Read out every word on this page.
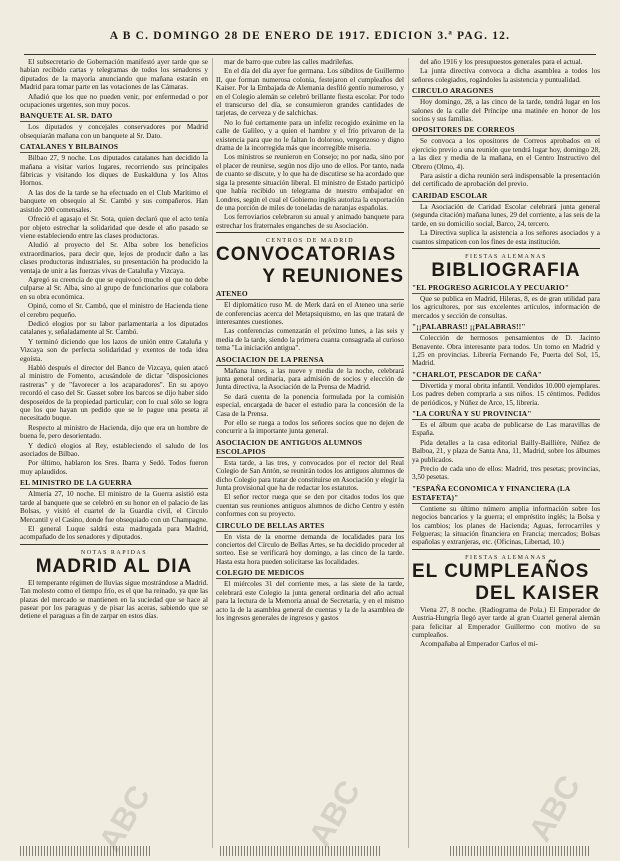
A B C. DOMINGO 28 DE ENERO DE 1917. EDICION 3.ª PAG. 12.

El subsecretario de Gobernación manifestó ayer tarde que se habían recibido cartas y telegramas de todos los senadores y diputados de la mayoría anunciando que mañana estarán en Madrid para tomar parte en las votaciones de las Cámaras.

Añadió que los que no pueden venir, por enfermedad o por ocupaciones urgentes, son muy pocos.

BANQUETE AL SR. DATO

Los diputados y concejales conservadores por Madrid obsequiarán mañana con un banquete al Sr. Dato.

CATALANES Y BILBAINOS

Bilbao 27, 9 noche. Los diputados catalanes han decidido la mañana a visitar varios lugares, recorriendo sus principales fábricas y visitando los diques de Euskalduna y los Altos Hornos.

A las dos de la tarde se ha efectuado en el Club Marítimo el banquete en obsequio al Sr. Cambó y sus compañeros. Han asistido 200 comensales.

Ofreció el agasajo el Sr. Sota, quien declaró que el acto tenía por objeto estrechar la solidaridad que desde el año pasado se viene estableciendo entre las clases productoras.

Aludió al proyecto del Sr. Alba sobre los beneficios extraordinarios, para decir que, lejos de producir daño a las clases productoras industriales, su presentación ha producido la ventaja de unir a las fuerzas vivas de Cataluña y Vizcaya.

Agregó su creencia de que se equivocó mucho el que no debe culparse al Sr. Alba, sino al grupo de funcionarios que colabora en su obra económica.

Opinó, como el Sr. Cambó, que el ministro de Hacienda tiene el cerebro pequeño.

Dedicó elogios por su labor parlamentaria a los diputados catalanes y, señaladamente al Sr. Cambó.

Y terminó diciendo que los lazos de unión entre Cataluña y Vizcaya son de perfecta solidaridad y exentos de toda idea egoísta.

Habló después el director del Banco de Vizcaya, quien atacó al ministro de Fomento, acusándole de dictar "disposiciones rastreras" y de "favorecer a los acaparadores". En su apoyo recordó el caso del Sr. Gasset sobre los barcos se dijo haber sido desposeídos de la propiedad particular; con lo cual sólo se logra que los que hayan un pedido que se le pague una peseta al necesitado buque.

Respecto al ministro de Hacienda, dijo que era un hombre de buena fe, pero desorientado.

Y dedicó elogios al Rey, estableciendo el saludo de los asociados de Bilbao.

Por último, hablaron los Sres. Ibarra y Sedó. Todos fueron muy aplaudidos.

EL MINISTRO DE LA GUERRA

Almería 27, 10 noche. El ministro de la Guerra asistió esta tarde al banquete que se celebró en su honor en el palacio de las Bolsas, y visitó el cuartel de la Guardia civil, el Círculo Mercantil y el Casino, donde fue obsequiado con un Champagne.

El general Luque saldrá esta madrugada para Madrid, acompañado de los senadores y diputados.

NOTAS RAPIDAS
MADRID AL DIA

El temperante régimen de lluvias sigue mostrándose a Madrid. Tan molesto como el tiempo frío, es el que ha reinado, ya que las plazas del mercado se mantienen en la suciedad que se hace al pasear por los paraguas y de pisar las aceras, sabiendo que se detiene el paraguas a fin de zarpar en estos días.

mar de barro que cubre las calles madrileñas.

En el día del día ayer fue germana. Los súbditos de Guillermo II, que forman numerosa colonia, festejaron el cumpleaños del Kaiser. Por la Embajada de Alemania desfiló gentío numeroso, y en el Colegio alemán se celebró brillante fiesta escolar. Por todo el transcurso del día, se consumieron grandes cantidades de tarjetas, de cerveza y de salchichas.

No lo fué certamente para un infeliz recogido exánime en la calle de Galileo, y a quien el hambre y el frío privaron de la existencia para que no le faltan lo doloroso, vergonzoso y digno drama de la incorregida más que incorregible miseria.

Los ministros se reunieron en Consejo; no por nada, sino por el placer de reunirse, según nos dijo uno de ellos. Por tanto, nada de cuanto se discute, y lo que ha de discutirse se ha acordado que siga la presente situación liberal. El ministro de Estado participó que había recibido un telegrama de nuestro embajador en Londres, según el cual el Gobierno inglés autoriza la exportación de una porción de miles de toneladas de naranjas españolas.

Los ferroviarios celebraron su anual y animado banquete para estrechar los fraternales enganches de su Asociación.

CENTROS DE MADRID
CONVOCATORIAS
Y REUNIONES
ATENEO

El diplomático ruso M. de Merk dará en el Ateneo una serie de conferencias acerca del Metapsiquismo, en las que tratará de interesantes cuestiones.

Las conferencias comenzarán el próximo lunes, a las seis y media de la tarde, siendo la primera cuanta consagrada al curioso tema "La iniciación antigua".

ASOCIACION DE LA PRENSA

Mañana lunes, a las nueve y media de la noche, celebrará junta general ordinaria, para admisión de socios y elección de Junta directiva, la Asociación de la Prensa de Madrid.

Se dará cuenta de la ponencia formulada por la comisión especial, encargada de hacer el estudio para la concesión de la Casa de la Prensa.

Por ello se ruega a todos los señores socios que no dejen de concurrir a la importante junta general.

ASOCIACION DE ANTIGUOS ALUMNOS ESCOLAPIOS

Esta tarde, a las tres, y convocados por el rector del Real Colegio de San Antón, se reunirán todos los antiguos alumnos de dicho Colegio para tratar de constituirse en Asociación y elegir la Junta provisional que ha de redactar los estatutos.

El señor rector ruega que se den por citados todos los que cuentan sus reuniones antiguos alumnos de dicho Centro y estén conformes con su proyecto.

CIRCULO DE BELLAS ARTES

En vista de la enorme demanda de localidades para los conciertos del Círculo de Bellas Artes, se ha decidido proceder al sorteo. Ese se verificará hoy domingo, a las cinco de la tarde. Hasta esta hora pueden solicitarse las localidades.

COLEGIO DE MEDICOS

El miércoles 31 del corriente mes, a las siete de la tarde, celebrará este Colegio la junta general ordinaria del año actual para la lectura de la Memoria anual de Secretaría, y en el mismo acto la de la asamblea general de cuentas y la de la asamblea de los ingresos generales de ingresos y gastos

del año 1916 y los presupuestos generales para el actual.

La junta directiva convoca a dicha asamblea a todos los señores colegiados, rogándoles la asistencia y puntualidad.

CIRCULO ARAGONES

Hoy domingo, 28, a las cinco de la tarde, tendrá lugar en los salones de la calle del Príncipe una matinée en honor de los socios y sus familias.

OPOSITORES DE CORREOS

Se convoca a los opositores de Correos aprobados en el ejercicio previo a una reunión que tendrá lugar hoy, domingo 28, a las diez y media de la mañana, en el Centro Instructivo del Obrero (Olmo, 4).

Para asistir a dicha reunión será indispensable la presentación del certificado de aprobación del previo.

CARIDAD ESCOLAR

La Asociación de Caridad Escolar celebrará junta general (segunda citación) mañana lunes, 29 del corriente, a las seis de la tarde, en su domicilio social, Barco, 24, tercero.

La Directiva suplica la asistencia a los señores asociados y a cuantos simpaticen con los fines de esta institución.

FIESTAS ALEMANAS
BIBLIOGRAFIA
"EL PROGRESO AGRICOLA Y PECUARIO"

Que se publica en Madrid, Hileras, 8, es de gran utilidad para los agricultores, por sus excelentes artículos, información de mercados y sección de consultas.

"¡¡PALABRAS!! ¡¡PALABRAS!!"

Colección de hermosos pensamientos de D. Jacinto Benavente. Obra interesante para todos. Un tomo en Madrid y 1,25 en provincias. Librería Fernando Fe, Puerta del Sol, 15, Madrid.

"CHARLOT, PESCADOR DE CAÑA"

Divertida y moral obrita infantil. Vendidos 10.000 ejemplares. Los padres deben comprarla a sus niños. 15 céntimos. Pedidos de periódicos, y Núñez de Arce, 15, librería.

"LA CORUÑA Y SU PROVINCIA"

Es el álbum que acaba de publicarse de Las maravillas de España.

Pida detalles a la casa editorial Bailly-Baillière, Núñez de Balboa, 21, y plaza de Santa Ana, 11, Madrid, sobre los álbumes ya publicados.

Precio de cada uno de ellos: Madrid, tres pesetas; provincias, 3,50 pesetas.

"ESPAÑA ECONOMICA Y FINANCIERA (LA ESTAFETA)"

Contiene su último número amplia información sobre los negocios bancarios y la guerra; el empréstito inglés; la Bolsa y los cambios; los planes de Hacienda; Aguas, ferrocarriles y Felgueras; la situación financiera en Francia; mercados; Bolsas españolas y extranjeras, etc. (Oficinas, Libertad, 10.)

FIESTAS ALEMANAS
EL CUMPLEAÑOS
DEL KAISER

Viena 27, 8 noche. (Radiograma de Pola.) El Emperador de Austria-Hungría llegó ayer tarde al gran Cuartel general alemán para felicitar al Emperador Guillermo con motivo de su cumpleaños.

Acompañaba al Emperador Carlos el mi-

ABC	ABC	ABC
